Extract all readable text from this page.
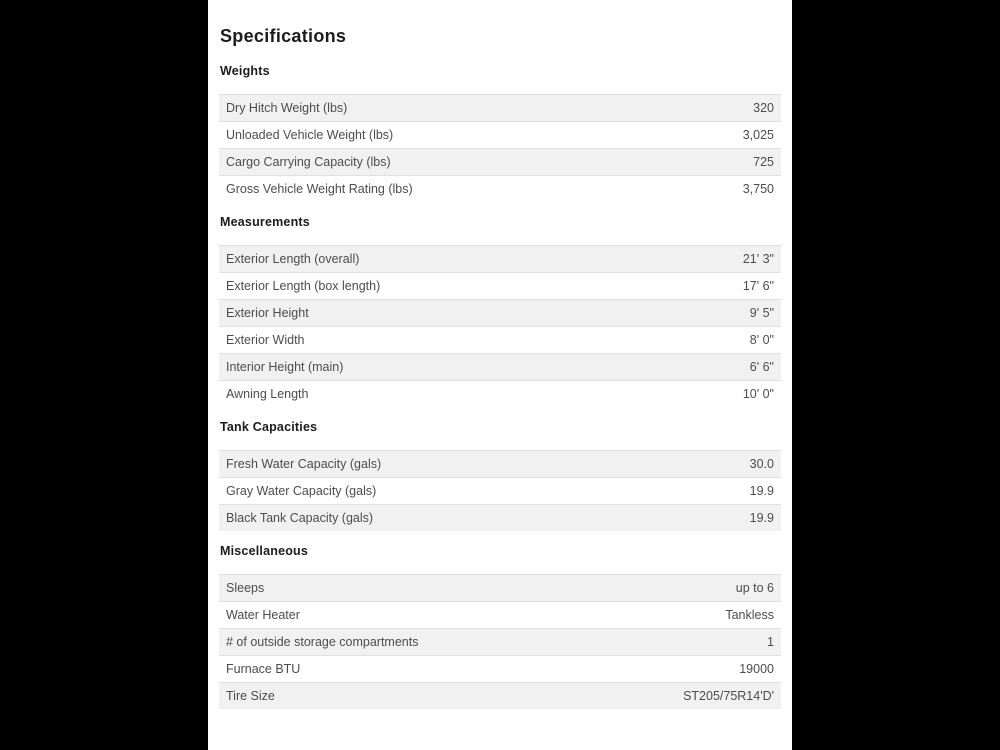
Specifications
Weights
Dry Hitch Weight (lbs)	320
Unloaded Vehicle Weight (lbs)	3,025
Cargo Carrying Capacity (lbs)	725
Gross Vehicle Weight Rating (lbs)	3,750
Measurements
Exterior Length (overall)	21' 3"
Exterior Length (box length)	17' 6"
Exterior Height	9' 5"
Exterior Width	8' 0"
Interior Height (main)	6' 6"
Awning Length	10' 0"
Tank Capacities
Fresh Water Capacity (gals)	30.0
Gray Water Capacity (gals)	19.9
Black Tank Capacity (gals)	19.9
Miscellaneous
Sleeps	up to 6
Water Heater	Tankless
# of outside storage compartments	1
Furnace BTU	19000
Tire Size	ST205/75R14'D'
